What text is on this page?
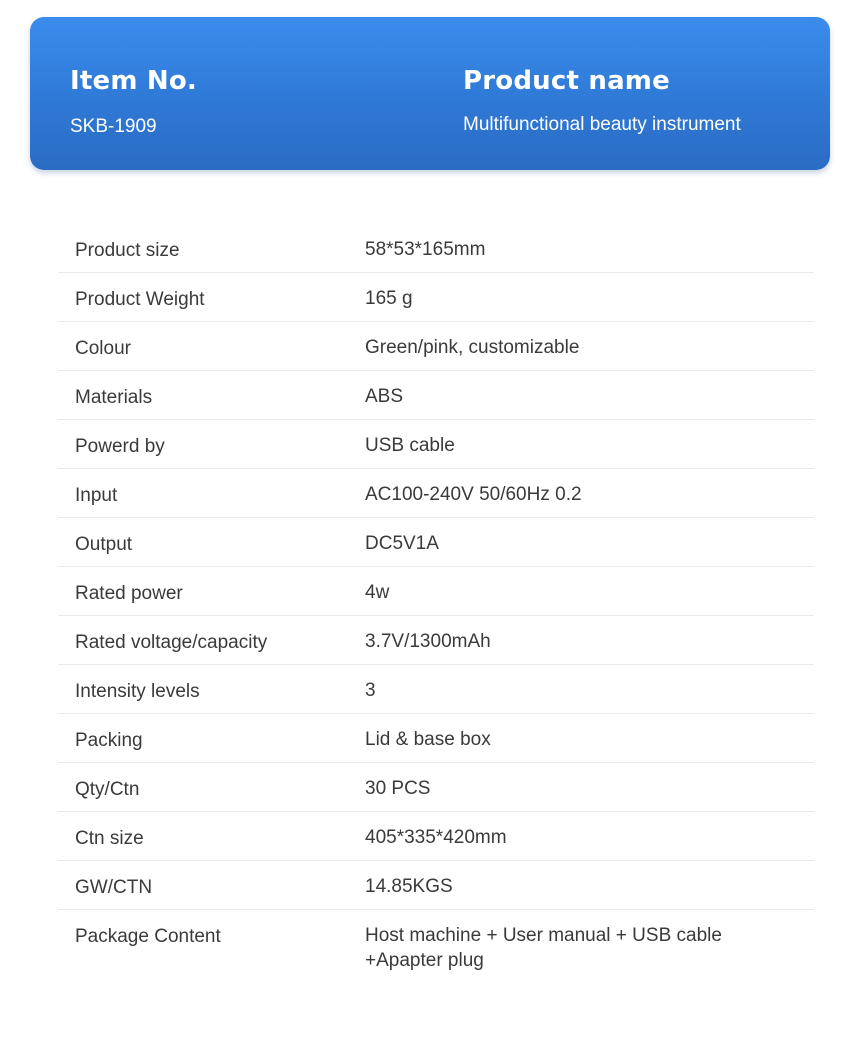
Item No.
SKB-1909
Product name
Multifunctional beauty instrument
Product size	58*53*165mm
Product Weight	165 g
Colour	Green/pink, customizable
Materials	ABS
Powerd by	USB cable
Input	AC100-240V 50/60Hz 0.2
Output	DC5V1A
Rated power	4w
Rated voltage/capacity	3.7V/1300mAh
Intensity levels	3
Packing	Lid & base box
Qty/Ctn	30 PCS
Ctn size	405*335*420mm
GW/CTN	14.85KGS
Package Content	Host machine + User manual + USB cable +Apapter plug
